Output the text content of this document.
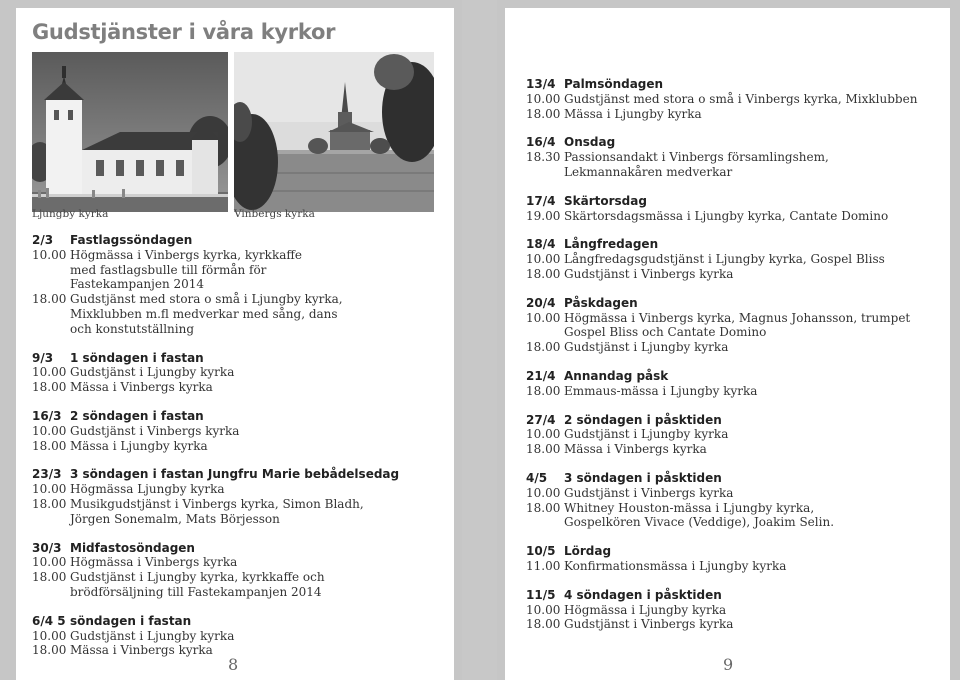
Gudstjänster i våra kyrkor
Ljungby kyrka	Vinbergs kyrka
2/3	Fastlagssöndagen
10.00 Högmässa i Vinbergs kyrka, kyrkkaffe
med fastlagsbulle till förmån för
Fastekampanjen 2014
18.00 Gudstjänst med stora o små i Ljungby kyrka,
Mixklubben m.fl medverkar med sång, dans
och konstutställning
9/3	1 söndagen i fastan
10.00 Gudstjänst i Ljungby kyrka
18.00 Mässa i Vinbergs kyrka
16/3 2 söndagen i fastan
10.00 Gudstjänst i Vinbergs kyrka
18.00 Mässa i Ljungby kyrka
23/3 3 söndagen i fastan Jungfru Marie bebådelsedag
10.00 Högmässa Ljungby kyrka
18.00 Musikgudstjänst i Vinbergs kyrka, Simon Bladh,
Jörgen Sonemalm, Mats Börjesson
30/3 Midfastosöndagen
10.00 Högmässa i Vinbergs kyrka
18.00 Gudstjänst i Ljungby kyrka, kyrkkaffe och
brödförsäljning till Fastekampanjen 2014
6/4 5 söndagen i fastan
10.00 Gudstjänst i Ljungby kyrka
18.00 Mässa i Vinbergs kyrka
8
13/4 Palmsöndagen
10.00 Gudstjänst med stora o små i Vinbergs kyrka, Mixklubben
18.00 Mässa i Ljungby kyrka
16/4 Onsdag
18.30 Passionsandakt i Vinbergs församlingshem,
Lekmannakåren medverkar
17/4 Skärtorsdag
19.00 Skärtorsdagsmässa i Ljungby kyrka, Cantate Domino
18/4 Långfredagen
10.00 Långfredagsgudstjänst i Ljungby kyrka, Gospel Bliss
18.00 Gudstjänst i Vinbergs kyrka
20/4 Påskdagen
10.00 Högmässa i Vinbergs kyrka, Magnus Johansson, trumpet
Gospel Bliss och Cantate Domino
18.00 Gudstjänst i Ljungby kyrka
21/4 Annandag påsk
18.00 Emmaus-mässa i Ljungby kyrka
27/4 2 söndagen i påsktiden
10.00 Gudstjänst i Ljungby kyrka
18.00 Mässa i Vinbergs kyrka
4/5	3 söndagen i påsktiden
10.00 Gudstjänst i Vinbergs kyrka
18.00 Whitney Houston-mässa i Ljungby kyrka,
Gospelkören Vivace (Veddige), Joakim Selin.
10/5 Lördag
11.00 Konfirmationsmässa i Ljungby kyrka
11/5 4 söndagen i påsktiden
10.00 Högmässa i Ljungby kyrka
18.00 Gudstjänst i Vinbergs kyrka
9
